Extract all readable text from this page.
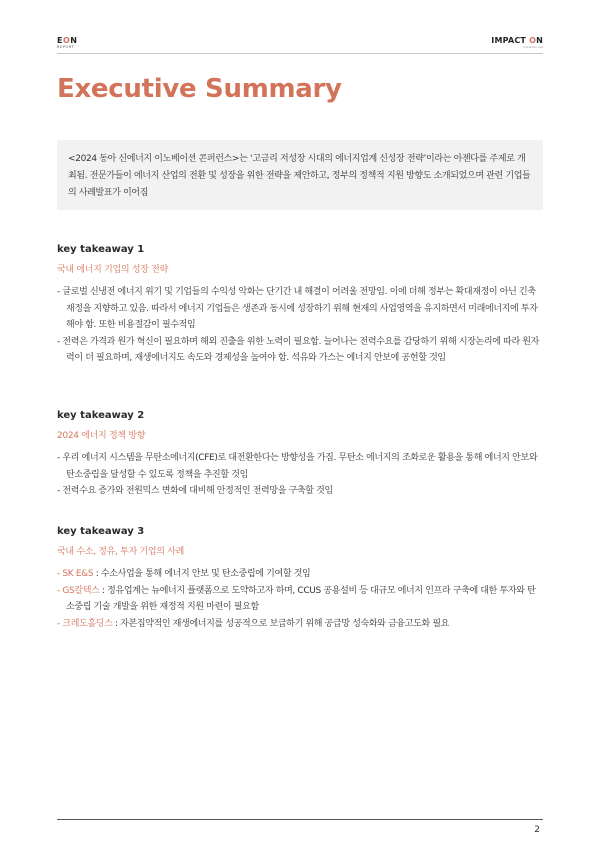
EON
REPORT
IMPACT ON
impacton.net
Executive Summary

<2024 동아 신에너지 이노베이션 콘퍼런스>는 ‘고금리 저성장 시대의 에너지업계 신성장 전략’이라는 아젠다를 주제로 개최됨. 전문가들이 에너지 산업의 전환 및 성장을 위한 전략을 제안하고, 정부의 정책적 지원 방향도 소개되었으며 관련 기업들의 사례발표가 이어짐

key takeaway 1

국내 에너지 기업의 성장 전략

- 글로벌 신냉전 에너지 위기 및 기업들의 수익성 악화는 단기간 내 해결이 어려울 전망임. 이에 더해 정부는 확대재정이 아닌 긴축재정을 지향하고 있음. 따라서 에너지 기업들은 생존과 동시에 성장하기 위해 현재의 사업영역을 유지하면서 미래에너지에 투자해야 함. 또한 비용절감이 필수적임

- 전력은 가격과 원가 혁신이 필요하며 해외 진출을 위한 노력이 필요함. 늘어나는 전력수요를 감당하기 위해 시장논리에 따라 원자력이 더 필요하며, 재생에너지도 속도와 경제성을 높여야 함. 석유와 가스는 에너지 안보에 공헌할 것임

key takeaway 2

2024 에너지 정책 방향

- 우리 에너지 시스템을 무탄소에너지(CFE)로 대전환한다는 방향성을 가짐. 무탄소 에너지의 조화로운 활용을 통해 에너지 안보와 탄소중립을 달성할 수 있도록 정책을 추진할 것임

- 전력수요 증가와 전원믹스 변화에 대비해 안정적인 전력망을 구축할 것임

key takeaway 3

국내 수소, 정유, 투자 기업의 사례

- SK E&S : 수소사업을 통해 에너지 안보 및 탄소중립에 기여할 것임

- GS칼텍스 : 정유업계는 뉴에너지 플랫폼으로 도약하고자 하며, CCUS 공용설비 등 대규모 에너지 인프라 구축에 대한 투자와 탄소중립 기술 개발을 위한 재정적 지원 마련이 필요함

- 크레도홀딩스 : 자본집약적인 재생에너지를 성공적으로 보급하기 위해 공급망 성숙화와 금융고도화 필요

2
